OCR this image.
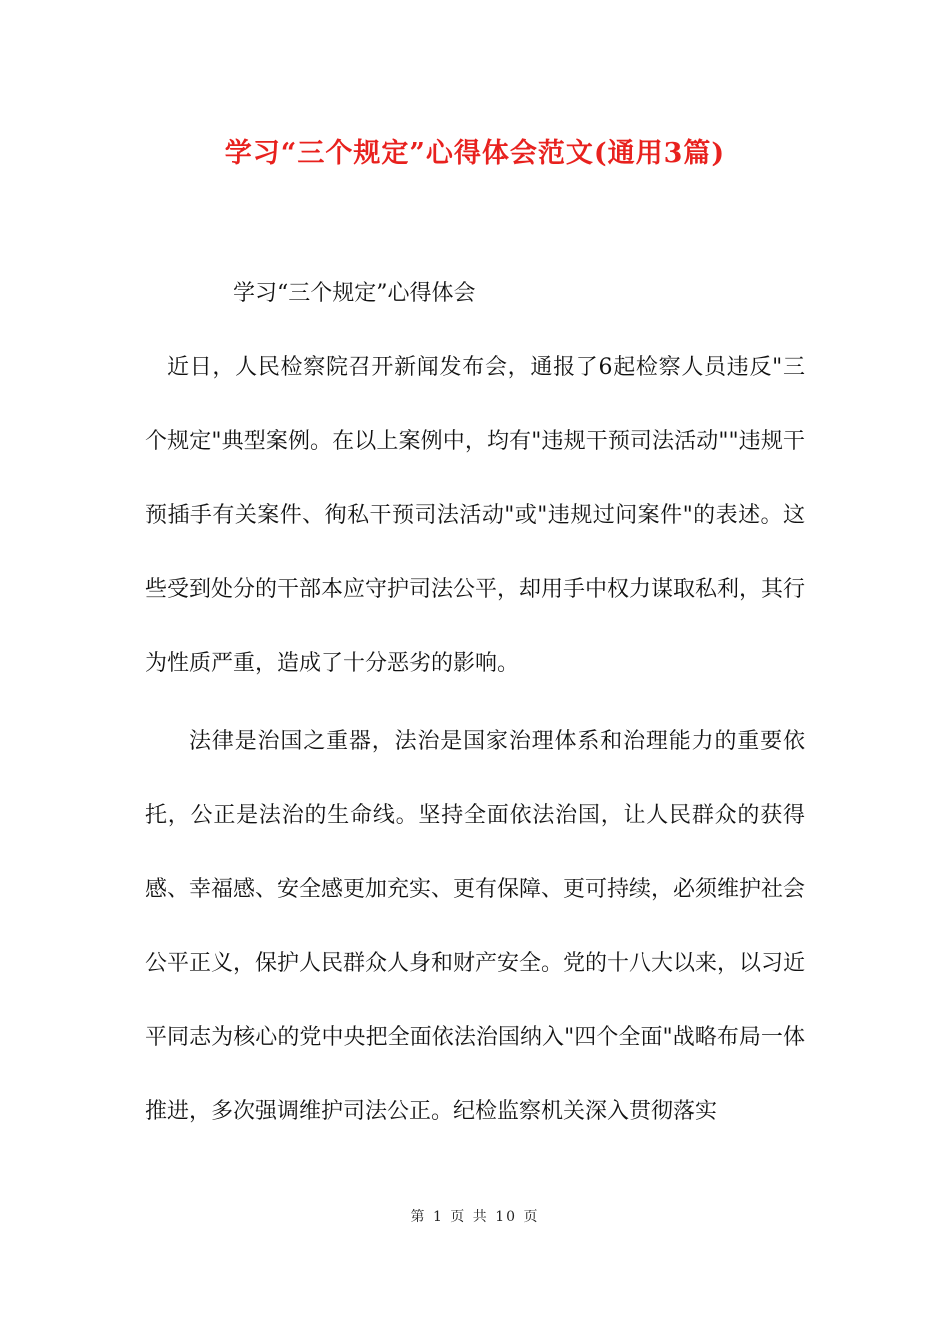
学习“三个规定”心得体会范文(通用3篇)

学习“三个规定”心得体会

近日，人民检察院召开新闻发布会，通报了6起检察人员违反"三个规定"典型案例。在以上案例中，均有"违规干预司法活动""违规干预插手有关案件、徇私干预司法活动"或"违规过问案件"的表述。这些受到处分的干部本应守护司法公平，却用手中权力谋取私利，其行为性质严重，造成了十分恶劣的影响。

法律是治国之重器，法治是国家治理体系和治理能力的重要依托，公正是法治的生命线。坚持全面依法治国，让人民群众的获得感、幸福感、安全感更加充实、更有保障、更可持续，必须维护社会公平正义，保护人民群众人身和财产安全。党的十八大以来，以习近平同志为核心的党中央把全面依法治国纳入"四个全面"战略布局一体推进，多次强调维护司法公正。纪检监察机关深入贯彻落实

第 1 页 共 10 页
